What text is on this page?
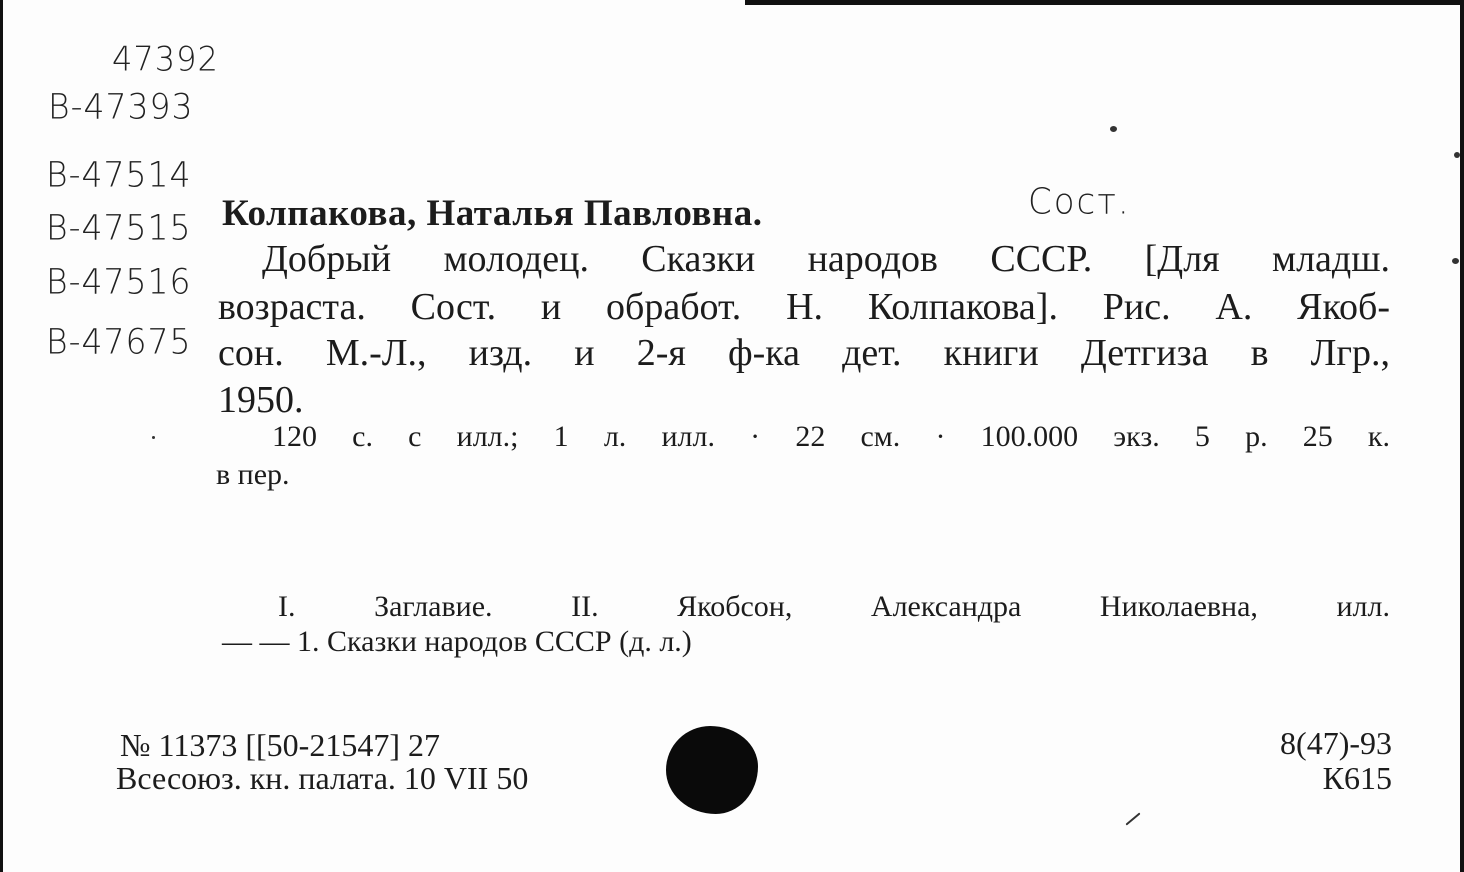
47392
B-47393
B-47514
B-47515
B-47516
B-47675
Сост.
Колпакова, Наталья Павловна.
Добрый молодец. Сказки народов СССР. [Для младш.
возраста. Сост. и обработ. Н. Колпакова]. Рис. А. Якоб-
сон. М.-Л., изд. и 2-я ф-ка дет. книги Детгиза в Лгр.,
1950.
120 с. с илл.; 1 л. илл. · 22 см. · 100.000 экз. 5 р. 25 к.
в пер.
I. Заглавие. II. Якобсон, Александра Николаевна, илл.
— — 1. Сказки народов СССР (д. л.)
№ 11373 [[50-21547] 27
Всесоюз. кн. палата. 10 VII 50
8(47)-93
К615
